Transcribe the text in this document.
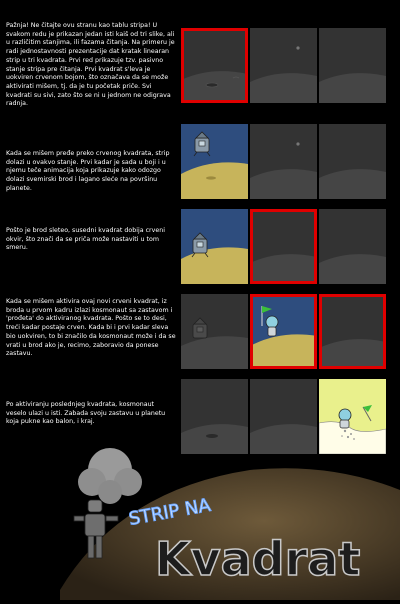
Pažnja! Ne čitajte ovu stranu kao tablu stripa! U svakom redu je prikazan jedan isti kaiš od tri slike, ali u različitim stanjima, ili fazama čitanja. Na primeru je radi jednostavnosti prezentacije dat kratak linearan strip u tri kvadrata. Prvi red prikazuje tzv. pasivno stanje stripa pre čitanja. Prvi kvadrat s'leva je uokviren crvenom bojom, što označava da se može aktivirati mišem, tj. da je tu početak priče. Svi kvadrati su sivi, zato što se ni u jednom ne odigrava radnja.
Kada se mišem pređe preko crvenog kvadrata, strip dolazi u ovakvo stanje. Prvi kadar je sada u boji i u njemu teče animacija koja prikazuje kako odozgo dolazi svemirski brod i lagano sleće na površinu planete.
Pošto je brod sleteo, susedni kvadrat dobija crveni okvir, što znači da se priča može nastaviti u tom smeru.
Kada se mišem aktivira ovaj novi crveni kvadrat, iz broda u prvom kadru izlazi kosmonaut sa zastavom i 'prođeta' do aktiviranog kvadrata. Pošto se to desi, treći kadar postaje crven. Kada bi i prvi kadar sleva bio uokviren, to bi značilo da kosmonaut može i da se vrati u brod ako je, recimo, zaboravio da ponese zastavu.
Po aktiviranju poslednjeg kvadrata, kosmonaut veselo ulazi u isti. Zabada svoju zastavu u planetu koja pukne kao balon, i kraj.
STRIP NA
Kvadrat
